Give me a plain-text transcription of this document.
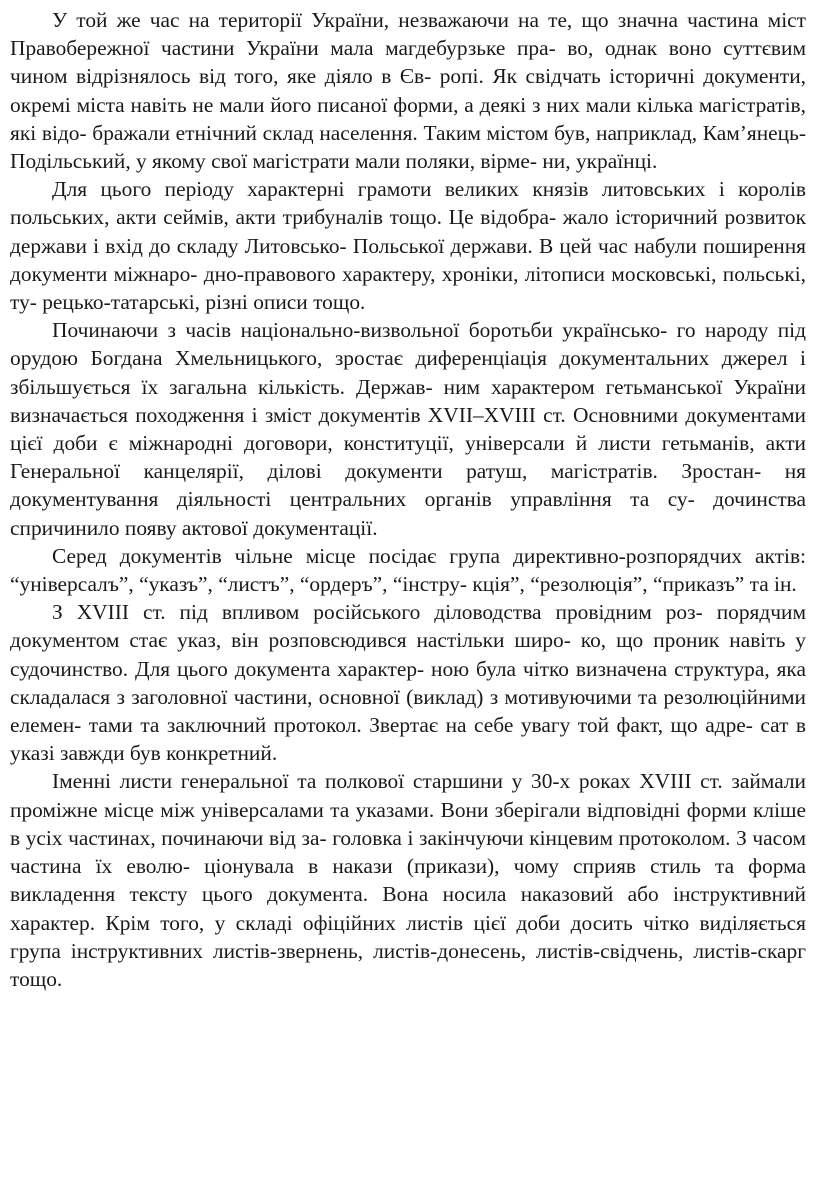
У той же час на території України, незважаючи на те, що значна частина міст Правобережної частини України мала магдебурзьке пра- во, однак воно суттєвим чином відрізнялось від того, яке діяло в Єв- ропі. Як свідчать історичні документи, окремі міста навіть не мали його писаної форми, а деякі з них мали кілька магістратів, які відо- бражали етнічний склад населення. Таким містом був, наприклад, Кам’янець-Подільський, у якому свої магістрати мали поляки, вірме- ни, українці.

Для цього періоду характерні грамоти великих князів литовських і королів польських, акти сеймів, акти трибуналів тощо. Це відобра- жало історичний розвиток держави і вхід до складу Литовсько- Польської держави. В цей час набули поширення документи міжнаро- дно-правового характеру, хроніки, літописи московські, польські, ту- рецько-татарські, різні описи тощо.

Починаючи з часів національно-визвольної боротьби українсько- го народу під орудою Богдана Хмельницького, зростає диференціація документальних джерел і збільшується їх загальна кількість. Держав- ним характером гетьманської України визначається походження і зміст документів XVII–XVIII ст. Основними документами цієї доби є міжнародні договори, конституції, універсали й листи гетьманів, акти Генеральної канцелярії, ділові документи ратуш, магістратів. Зростан- ня документування діяльності центральних органів управління та су- дочинства спричинило появу актової документації.

Серед документів чільне місце посідає група директивно-розпорядчих актів: “універсалъ”, “указъ”, “листъ”, “ордеръ”, “інстру- кція”, “резолюція”, “приказъ” та ін.

З XVIII ст. під впливом російського діловодства провідним роз- порядчим документом стає указ, він розповсюдився настільки широ- ко, що проник навіть у судочинство. Для цього документа характер- ною була чітко визначена структура, яка складалася з заголовної частини, основної (виклад) з мотивуючими та резолюційними елемен- тами та заключний протокол. Звертає на себе увагу той факт, що адре- сат в указі завжди був конкретний.

Іменні листи генеральної та полкової старшини у 30-х роках XVIII ст. займали проміжне місце між універсалами та указами. Вони зберігали відповідні форми кліше в усіх частинах, починаючи від за- головка і закінчуючи кінцевим протоколом. З часом частина їх еволю- ціонувала в накази (прикази), чому сприяв стиль та форма викладення тексту цього документа. Вона носила наказовий або інструктивний характер. Крім того, у складі офіційних листів цієї доби досить чітко виділяється група інструктивних листів-звернень, листів-донесень, листів-свідчень, листів-скарг тощо.
